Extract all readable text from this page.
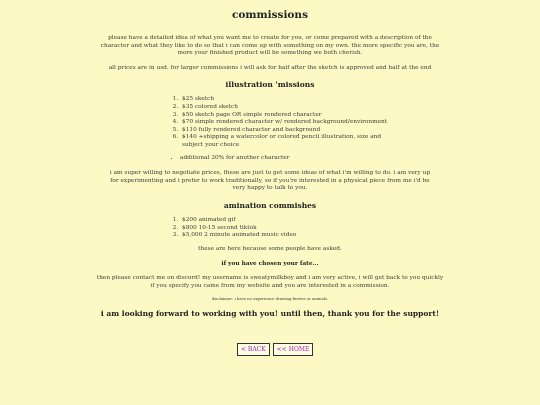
commissions

please have a detailed idea of what you want me to create for you, or come prepared with a description of the character and what they like to do so that i can come up with something on my own. the more specific you are, the more your finished product will be something we both cherish.

all prices are in usd. for larger commissions i will ask for half after the sketch is approved and half at the end

illustration 'missions
1. $25 sketch
2. $35 colored sketch
3. $50 sketch page OR simple rendered character
4. $70 simple rendered character w/ rendered background/environment
5. $110 fully rendered character and background
6. $140 +shipping a watercolor or colored pencil illustration, size and subject your choice
• additional 30% for another character

i am super willing to negotiate prices, these are just to get some ideas of what i'm willing to do. i am very up for experimenting and i prefer to work traditionally, so if you're interested in a physical piece from me i'd be very happy to talk to you.

amination commishes
1. $200 animated gif
2. $800 10-15 second tiktok
3. $5,000 2 minute animated music video

these are here because some people have asked.

if you have chosen your fate...

then please contact me on discord! my username is sweatymilkboy and i am very active, i will get back to you quickly if you specify you came from my website and you are interested in a commission.

disclaimer: i have no experience drawing furries or animals.

i am looking forward to working with you! until then, thank you for the support!

< BACK	<< HOME
